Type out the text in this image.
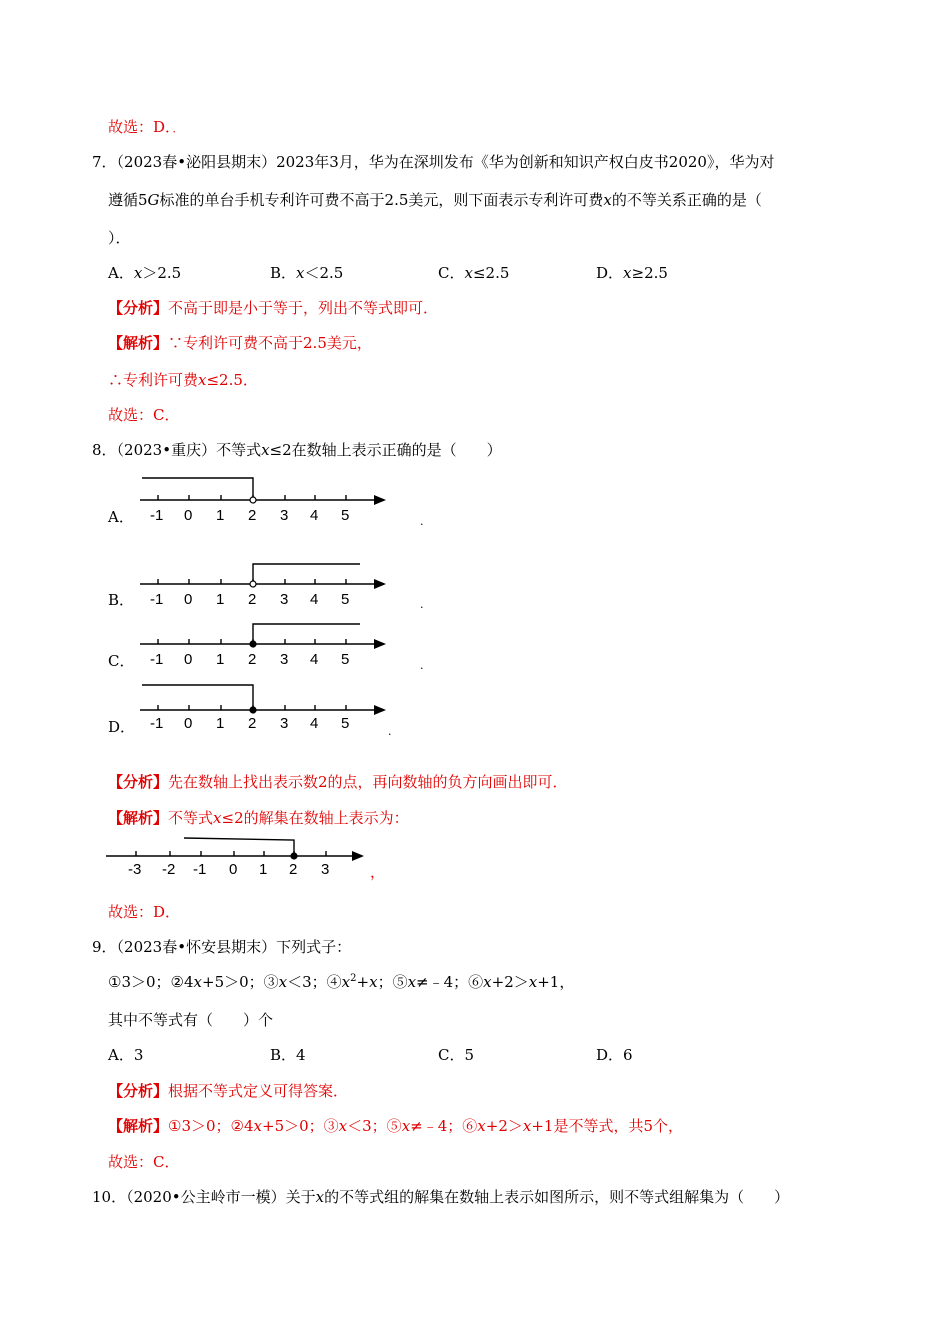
故选：D．．
7．（2023春•泌阳县期末）2023年3月，华为在深圳发布《华为创新和知识产权白皮书2020》，华为对
遵循5G标准的单台手机专利许可费不高于2.5美元，则下面表示专利许可费x的不等关系正确的是（
）．
A．x＞2.5	B．x＜2.5	C．x≤2.5	D．x≥2.5
【分析】不高于即是小于等于，列出不等式即可．
【解析】∵专利许可费不高于2.5美元，
∴专利许可费x≤2.5．
故选：C．
8．（2023•重庆）不等式x≤2在数轴上表示正确的是（　　）
A． -1 0 1 2 3 4 5	.
B． -1 0 1 2 3 4 5	.
C． -1 0 1 2 3 4 5	.
D． -1 0 1 2 3 4 5	.
【分析】先在数轴上找出表示数2的点，再向数轴的负方向画出即可．
【解析】不等式x≤2的解集在数轴上表示为：
-3 -2 -1 0 1 2 3	，
故选：D．
9．（2023春•怀安县期末）下列式子：
①3＞0；②4x+5＞0；③x＜3；$④x^2+x$；⑤x≠﹣4；⑥x+2＞x+1，
其中不等式有（　　）个
A．3	B．4	C．5	D．6
【分析】根据不等式定义可得答案．
【解析】①3＞0；②4x+5＞0；③x＜3；⑤x≠﹣4；⑥x+2＞x+1是不等式，共5个，
故选：C．
10．（2020•公主岭市一模）关于x的不等式组的解集在数轴上表示如图所示，则不等式组解集为（　　）
